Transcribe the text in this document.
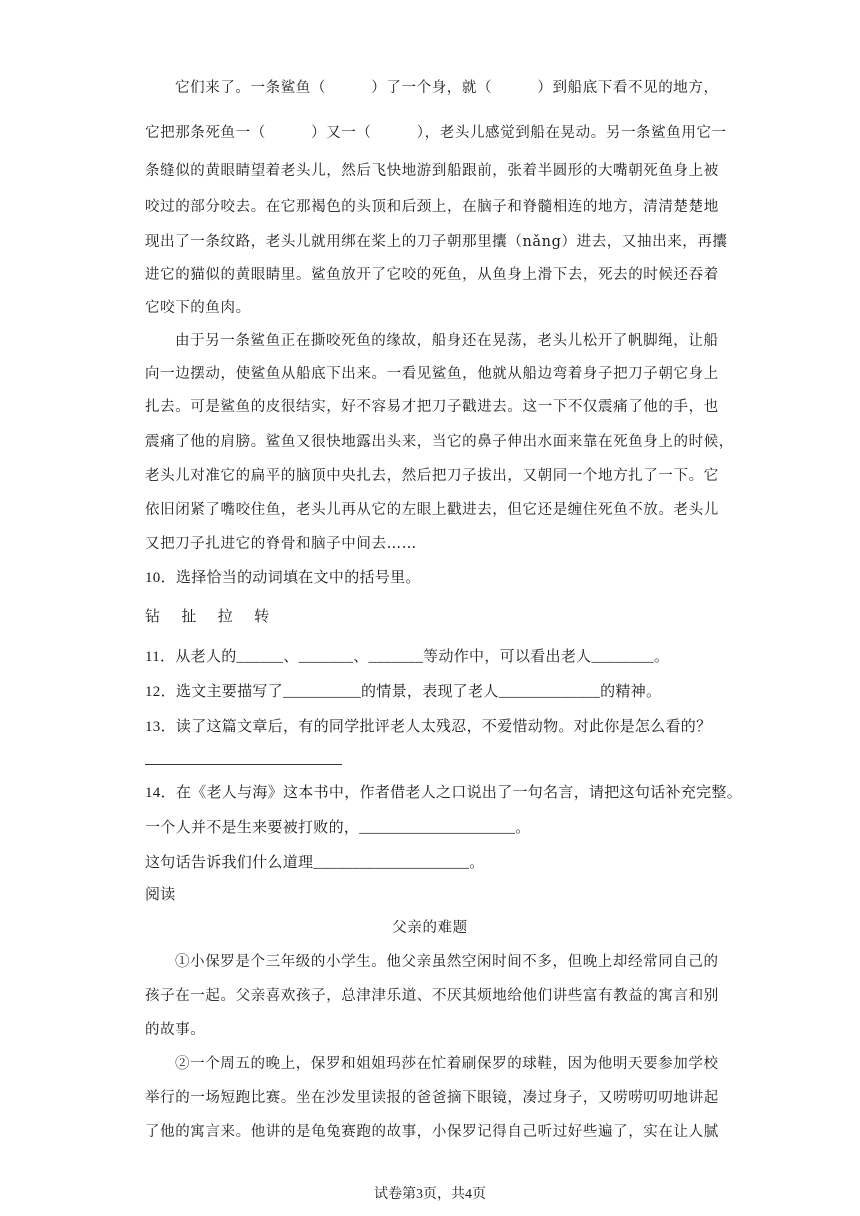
它们来了。一条鲨鱼（　　　）了一个身，就（　　　）到船底下看不见的地方，
它把那条死鱼一（　　　）又一（　　　），老头儿感觉到船在晃动。另一条鲨鱼用它一
条缝似的黄眼睛望着老头儿，然后飞快地游到船跟前，张着半圆形的大嘴朝死鱼身上被
咬过的部分咬去。在它那褐色的头顶和后颈上，在脑子和脊髓相连的地方，清清楚楚地
现出了一条纹路，老头儿就用绑在桨上的刀子朝那里攮（nǎng）进去，又抽出来，再攮
进它的猫似的黄眼睛里。鲨鱼放开了它咬的死鱼，从鱼身上滑下去，死去的时候还吞着
它咬下的鱼肉。
由于另一条鲨鱼正在撕咬死鱼的缘故，船身还在晃荡，老头儿松开了帆脚绳，让船
向一边摆动，使鲨鱼从船底下出来。一看见鲨鱼，他就从船边弯着身子把刀子朝它身上
扎去。可是鲨鱼的皮很结实，好不容易才把刀子戳进去。这一下不仅震痛了他的手，也
震痛了他的肩膀。鲨鱼又很快地露出头来，当它的鼻子伸出水面来靠在死鱼身上的时候，
老头儿对准它的扁平的脑顶中央扎去，然后把刀子拔出，又朝同一个地方扎了一下。它
依旧闭紧了嘴咬住鱼，老头儿再从它的左眼上戳进去，但它还是缠住死鱼不放。老头儿
又把刀子扎进它的脊骨和脑子中间去……
10．选择恰当的动词填在文中的括号里。
钻 扯 拉 转
11．从老人的______、_______、_______等动作中，可以看出老人________。
12．选文主要描写了__________的情景，表现了老人_____________的精神。
13．读了这篇文章后，有的同学批评老人太残忍，不爱惜动物。对此你是怎么看的？
14．在《老人与海》这本书中，作者借老人之口说出了一句名言，请把这句话补充完整。
一个人并不是生来要被打败的，____________________。
这句话告诉我们什么道理____________________。
阅读
父亲的难题
①小保罗是个三年级的小学生。他父亲虽然空闲时间不多，但晚上却经常同自己的
孩子在一起。父亲喜欢孩子，总津津乐道、不厌其烦地给他们讲些富有教益的寓言和别
的故事。
②一个周五的晚上，保罗和姐姐玛莎在忙着刷保罗的球鞋，因为他明天要参加学校
举行的一场短跑比赛。坐在沙发里读报的爸爸摘下眼镜，凑过身子，又唠唠叨叨地讲起
了他的寓言来。他讲的是龟兔赛跑的故事，小保罗记得自己听过好些遍了，实在让人腻
试卷第3页，共4页
